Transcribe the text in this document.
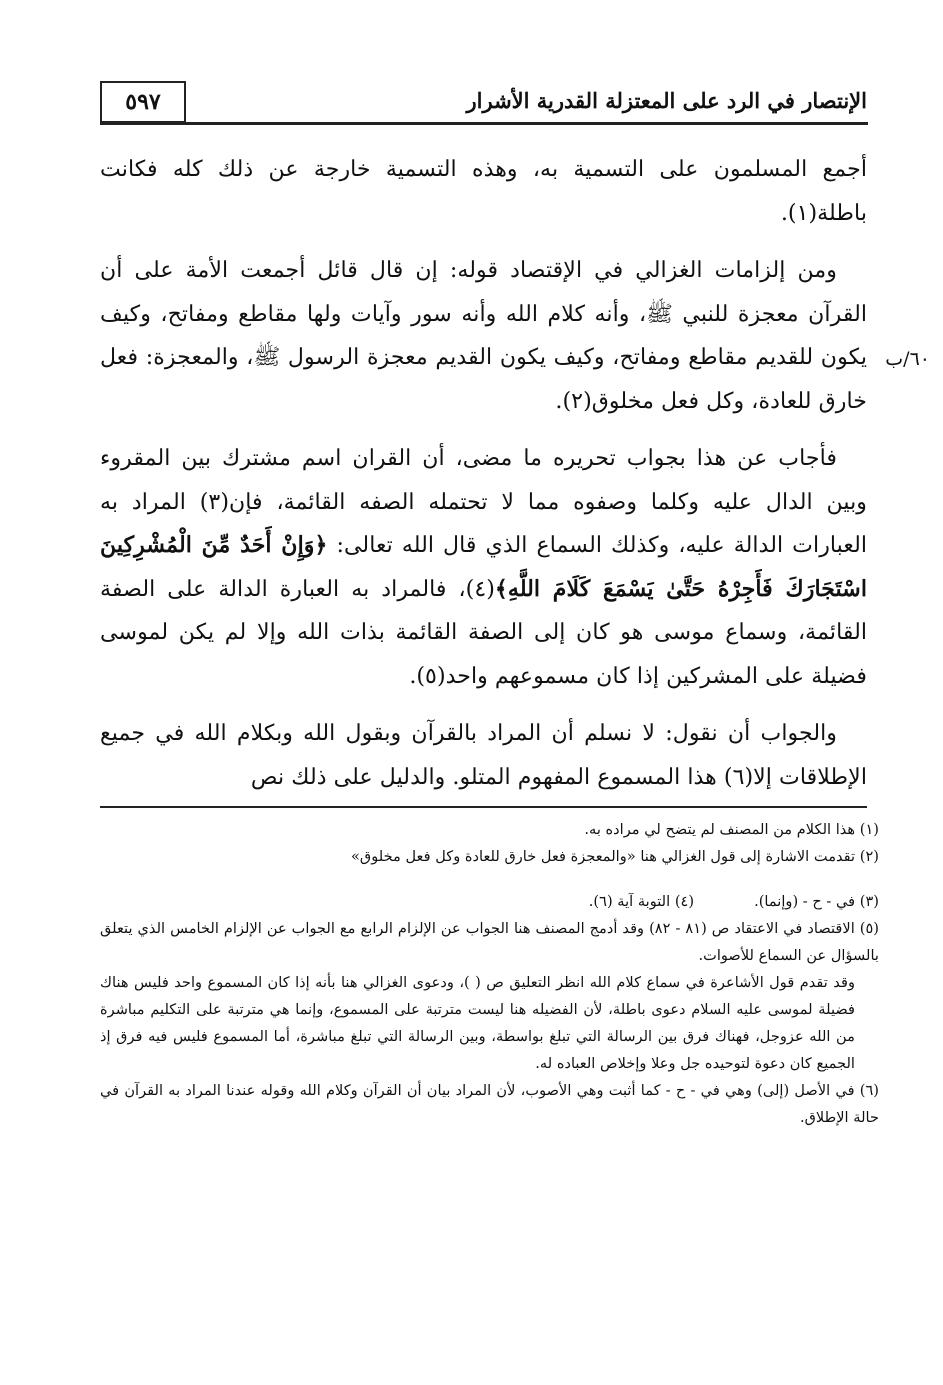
الإنتصار في الرد على المعتزلة القدرية الأشرار
٥٩٧
٦٠/ب

أجمع المسلمون على التسمية به، وهذه التسمية خارجة عن ذلك كله فكانت باطلة(١).

ومن إلزامات الغزالي في الإقتصاد قوله: إن قال قائل أجمعت الأمة على أن القرآن معجزة للنبي ﷺ، وأنه كلام الله وأنه سور وآيات ولها مقاطع ومفاتح، وكيف يكون للقديم مقاطع ومفاتح، وكيف يكون القديم معجزة الرسول ﷺ، والمعجزة: فعل خارق للعادة، وكل فعل مخلوق(٢).

فأجاب عن هذا بجواب تحريره ما مضى، أن القران اسم مشترك بين المقروء وبين الدال عليه وكلما وصفوه مما لا تحتمله الصفه القائمة، فإن(٣) المراد به العبارات الدالة عليه، وكذلك السماع الذي قال الله تعالى: ﴿وَإِنْ أَحَدٌ مِّنَ الْمُشْرِكِينَ اسْتَجَارَكَ فَأَجِرْهُ حَتَّىٰ يَسْمَعَ كَلَامَ اللَّهِ﴾(٤)، فالمراد به العبارة الدالة على الصفة القائمة، وسماع موسى هو كان إلى الصفة القائمة بذات الله وإلا لم يكن لموسى فضيلة على المشركين إذا كان مسموعهم واحد(٥).

والجواب أن نقول: لا نسلم أن المراد بالقرآن وبقول الله وبكلام الله في جميع الإطلاقات إلا(٦) هذا المسموع المفهوم المتلو. والدليل على ذلك نص

(١) هذا الكلام من المصنف لم يتضح لي مراده به.

(٢) تقدمت الاشارة إلى قول الغزالي هنا «والمعجزة فعل خارق للعادة وكل فعل مخلوق»

(٣) في - ح - (وإنما).(٤) التوبة آية (٦).

(٥) الاقتصاد في الاعتقاد ص (٨١ - ٨٢) وقد أدمج المصنف هنا الجواب عن الإلزام الرابع مع الجواب عن الإلزام الخامس الذي يتعلق بالسؤال عن السماع للأصوات.

وقد تقدم قول الأشاعرة في سماع كلام الله انظر التعليق ص ( )، ودعوى الغزالي هنا بأنه إذا كان المسموع واحد فليس هناك فضيلة لموسى عليه السلام دعوى باطلة، لأن الفضيله هنا ليست مترتبة على المسموع، وإنما هي مترتبة على التكليم مباشرة من الله عزوجل، فهناك فرق بين الرسالة التي تبلغ بواسطة، وبين الرسالة التي تبلغ مباشرة، أما المسموع فليس فيه فرق إذ الجميع كان دعوة لتوحيده جل وعلا وإخلاص العباده له.

(٦) في الأصل (إلى) وهي في - ح - كما أثبت وهي الأصوب، لأن المراد بيان أن القرآن وكلام الله وقوله عندنا المراد به القرآن في حالة الإطلاق.
